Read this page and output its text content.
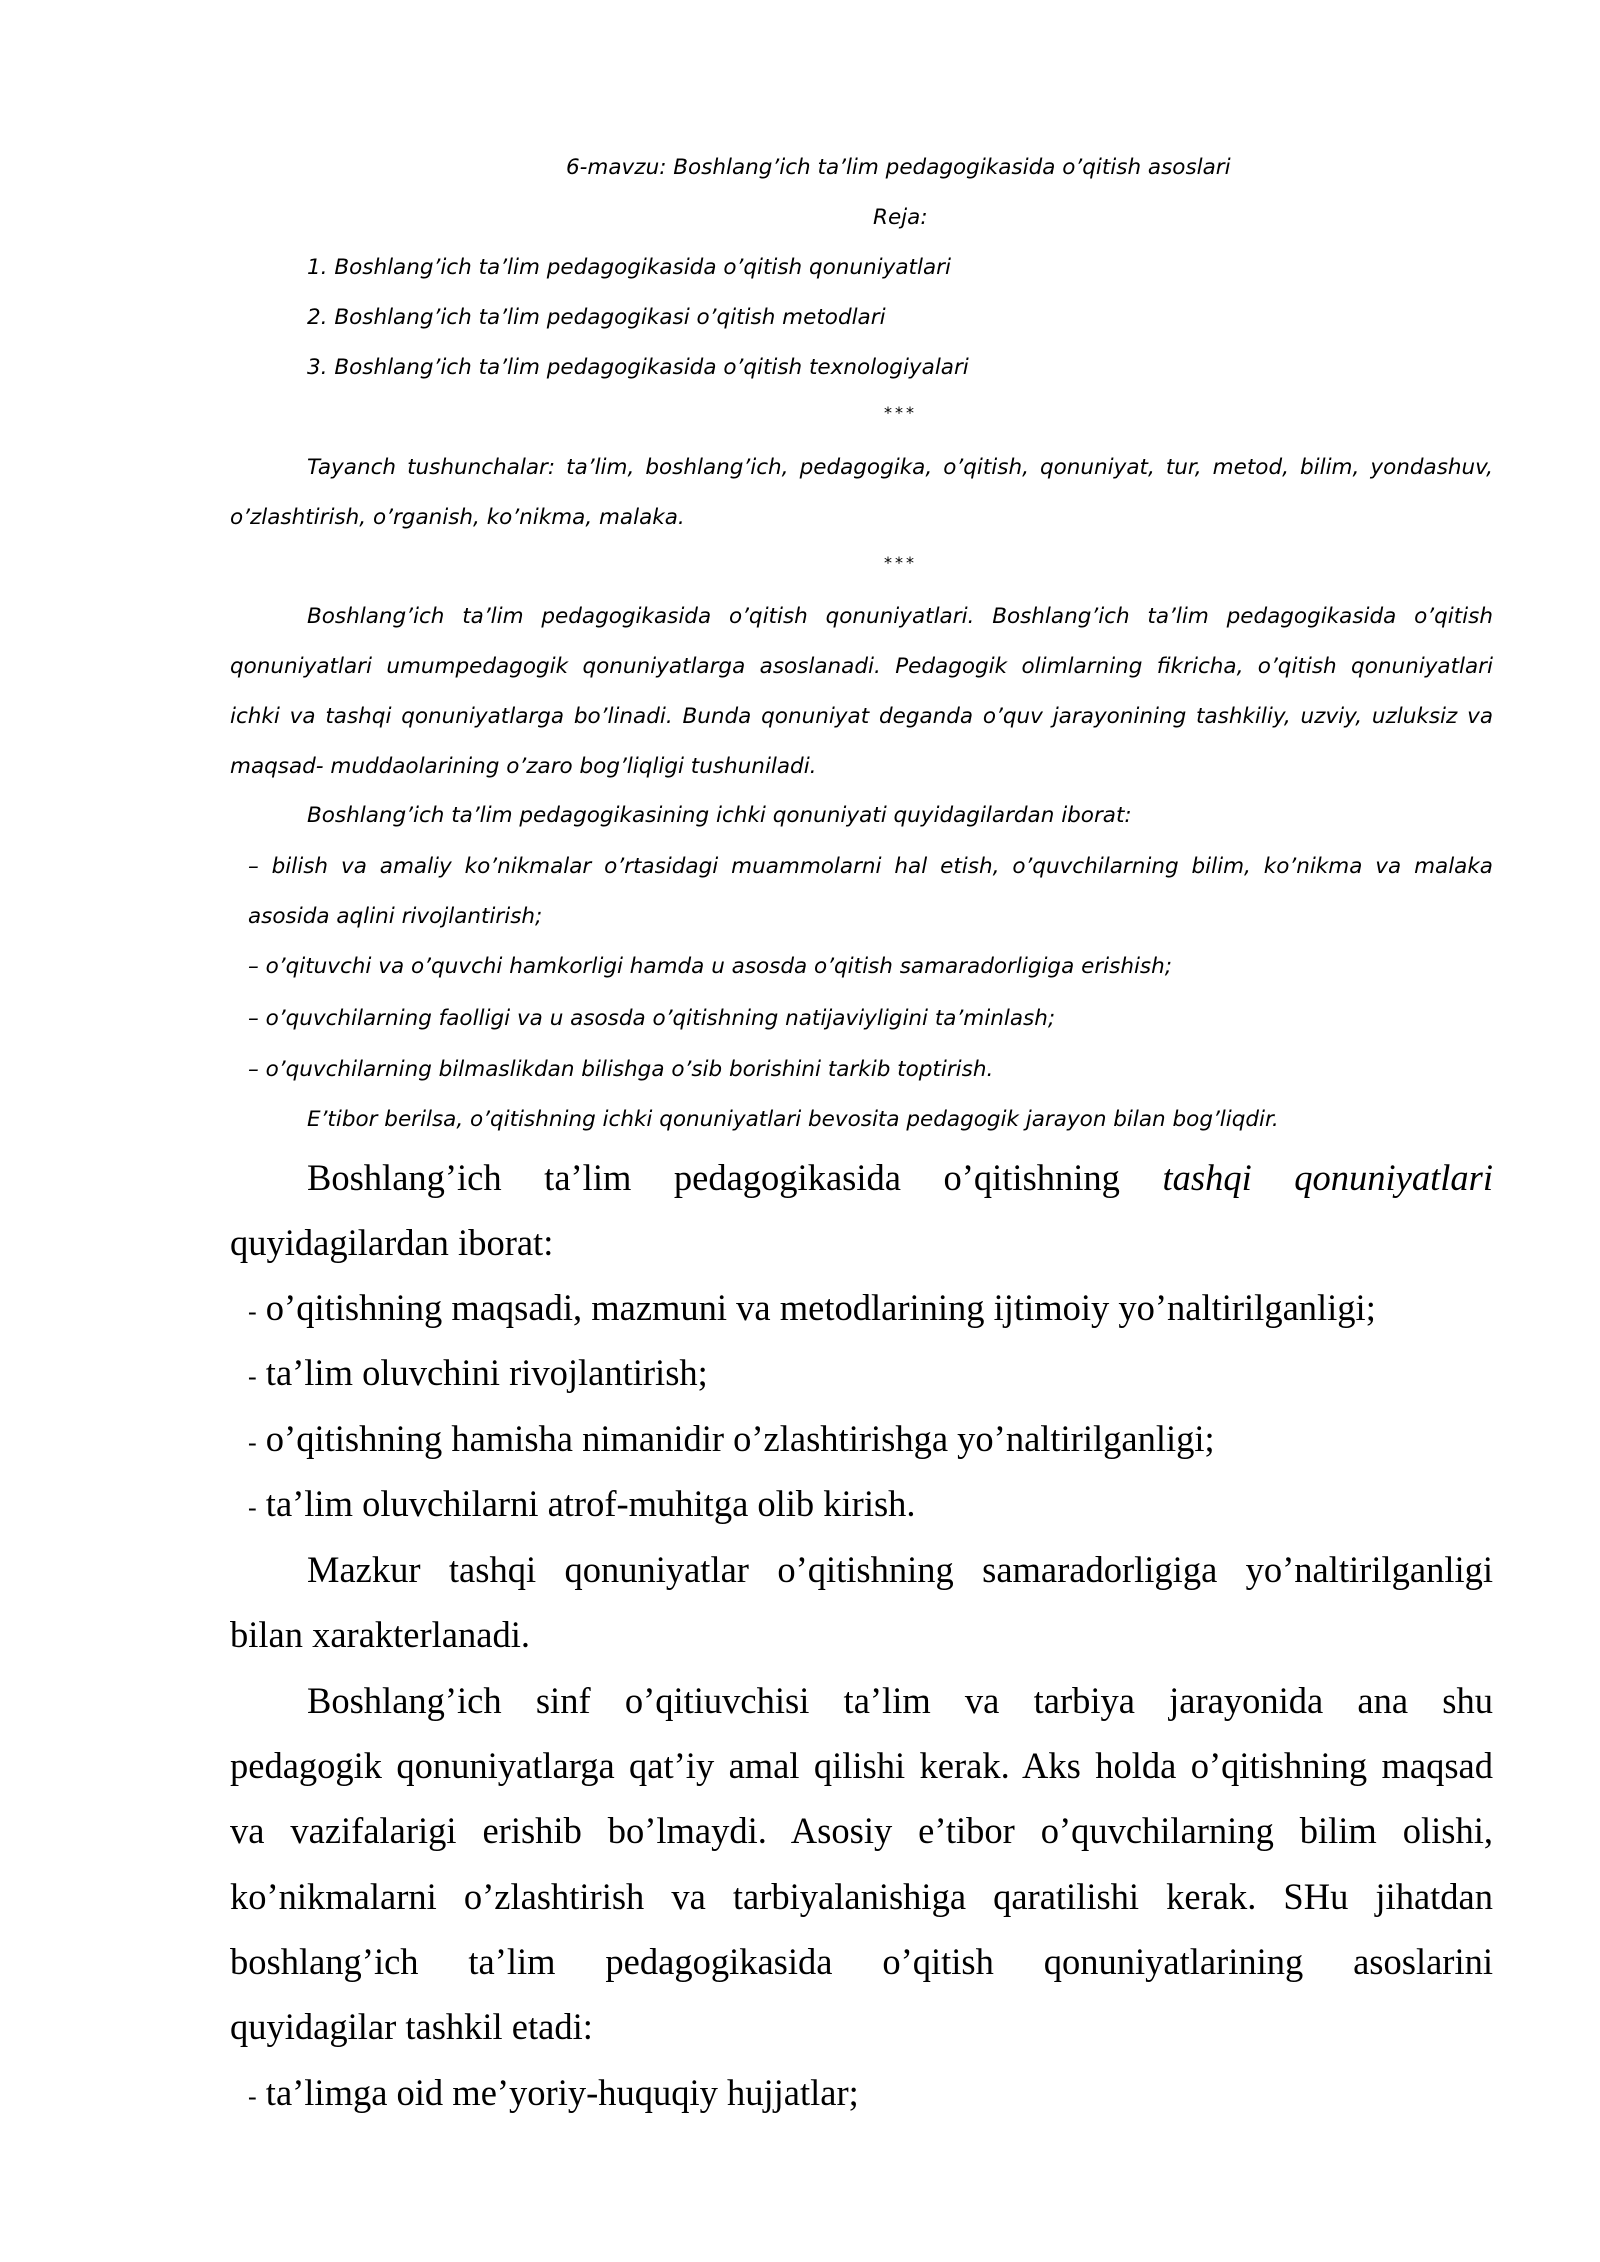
6-mavzu: Boshlang’ich ta’lim pedagogikasida o’qitish asoslari
Reja:
1. Boshlang’ich ta’lim pedagogikasida o’qitish qonuniyatlari
2. Boshlang’ich ta’lim pedagogikasi o’qitish metodlari
3. Boshlang’ich ta’lim pedagogikasida o’qitish texnologiyalari
***
Tayanch tushunchalar: ta’lim, boshlang’ich, pedagogika, o’qitish, qonuniyat, tur, metod, bilim, yondashuv,
o’zlashtirish, o’rganish, ko’nikma, malaka.
***
Boshlang’ich ta’lim pedagogikasida o’qitish qonuniyatlari. Boshlang’ich ta’lim pedagogikasida o’qitish
qonuniyatlari umumpedagogik qonuniyatlarga asoslanadi. Pedagogik olimlarning fikricha, o’qitish qonuniyatlari
ichki va tashqi qonuniyatlarga bo’linadi. Bunda qonuniyat deganda o’quv jarayonining tashkiliy, uzviy, uzluksiz va
maqsad- muddaolarining o’zaro bog’liqligi tushuniladi.
Boshlang’ich ta’lim pedagogikasining ichki qonuniyati quyidagilardan iborat:
– bilish va amaliy ko’nikmalar o’rtasidagi muammolarni hal etish, o’quvchilarning bilim, ko’nikma va malaka
asosida aqlini rivojlantirish;
– o’qituvchi va o’quvchi hamkorligi hamda u asosda o’qitish samaradorligiga erishish;
– o’quvchilarning faolligi va u asosda o’qitishning natijaviyligini ta’minlash;
– o’quvchilarning bilmaslikdan bilishga o’sib borishini tarkib toptirish.
E’tibor berilsa, o’qitishning ichki qonuniyatlari bevosita pedagogik jarayon bilan bog’liqdir.
Boshlang’ich ta’lim pedagogikasida o’qitishning tashqi qonuniyatlari
quyidagilardan iborat:
- o’qitishning maqsadi, mazmuni va metodlarining ijtimoiy yo’naltirilganligi;
- ta’lim oluvchini rivojlantirish;
- o’qitishning hamisha nimanidir o’zlashtirishga yo’naltirilganligi;
- ta’lim oluvchilarni atrof-muhitga olib kirish.
Mazkur tashqi qonuniyatlar o’qitishning samaradorligiga yo’naltirilganligi
bilan xarakterlanadi.
Boshlang’ich sinf o’qitiuvchisi ta’lim va tarbiya jarayonida ana shu
pedagogik qonuniyatlarga qat’iy amal qilishi kerak. Aks holda o’qitishning maqsad
va vazifalarigi erishib bo’lmaydi. Asosiy e’tibor o’quvchilarning bilim olishi,
ko’nikmalarni o’zlashtirish va tarbiyalanishiga qaratilishi kerak. SHu jihatdan
boshlang’ich ta’lim pedagogikasida o’qitish qonuniyatlarining asoslarini
quyidagilar tashkil etadi:
- ta’limga oid me’yoriy-huquqiy hujjatlar;
